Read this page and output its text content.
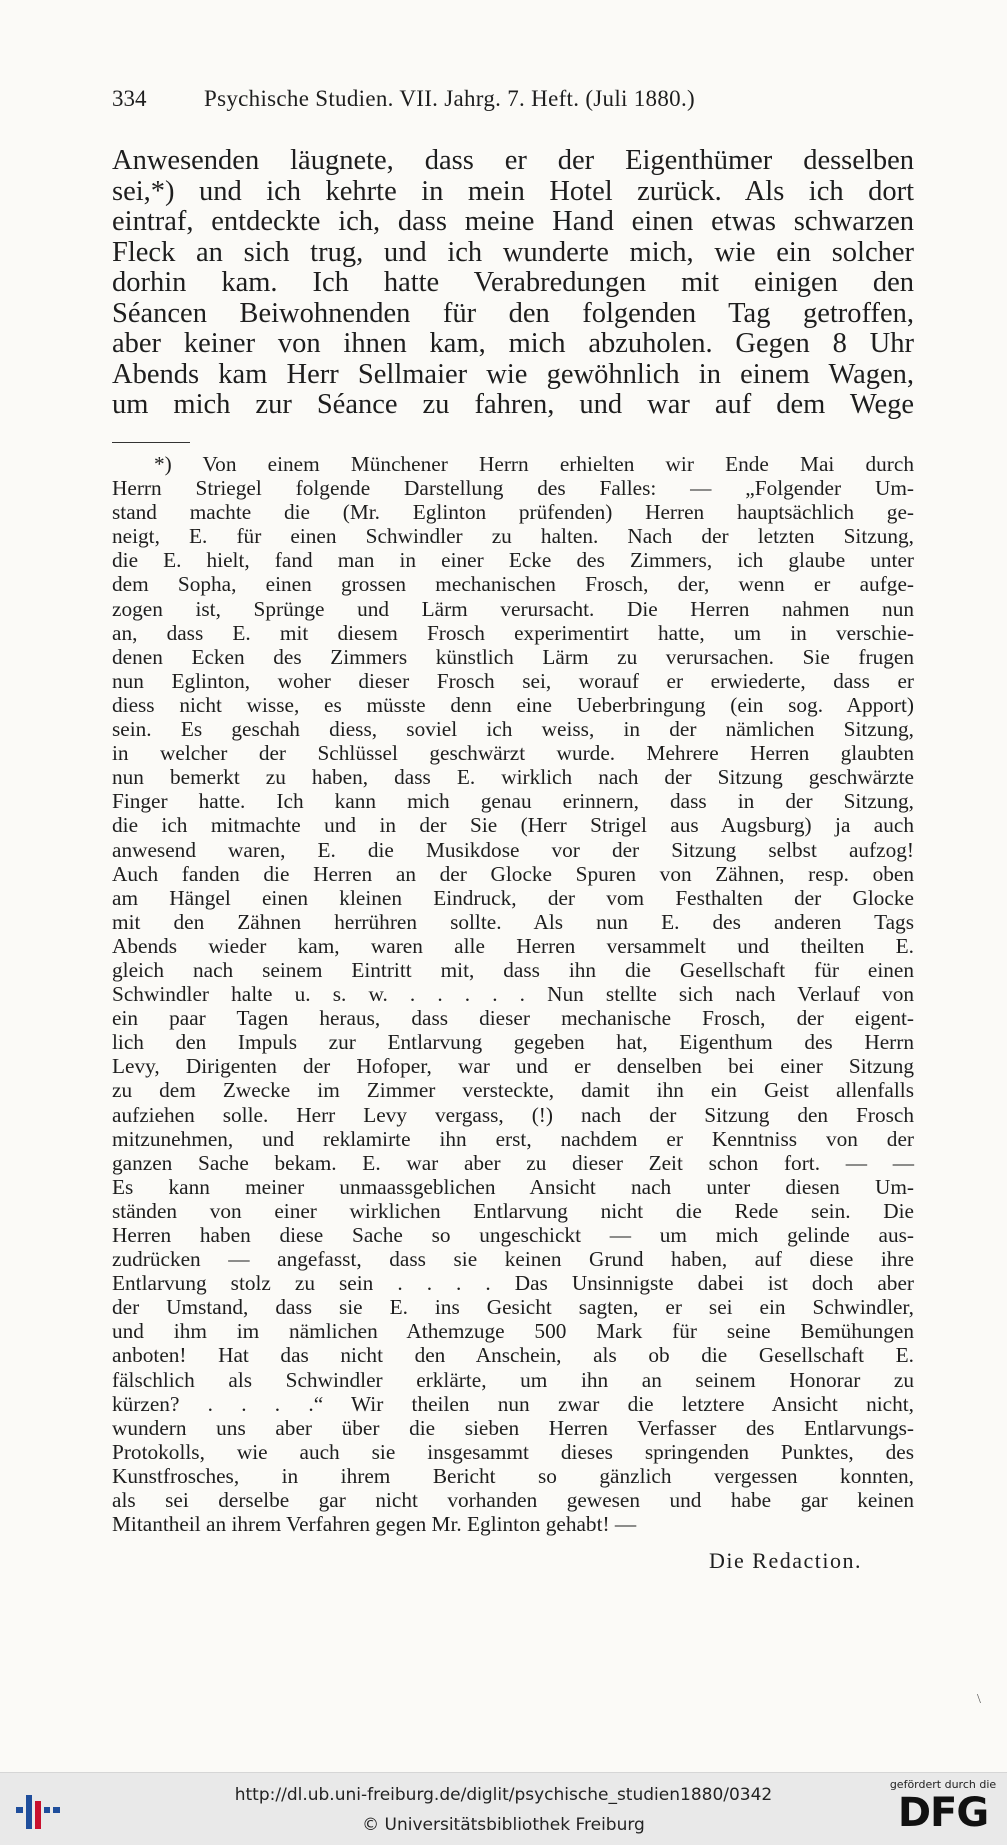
334	Psychische Studien. VII. Jahrg. 7. Heft. (Juli 1880.)
Anwesenden läugnete, dass er der Eigenthümer desselben
sei,*) und ich kehrte in mein Hotel zurück. Als ich dort
eintraf, entdeckte ich, dass meine Hand einen etwas schwarzen
Fleck an sich trug, und ich wunderte mich, wie ein solcher
dorhin kam. Ich hatte Verabredungen mit einigen den
Séancen Beiwohnenden für den folgenden Tag getroffen,
aber keiner von ihnen kam, mich abzuholen. Gegen 8 Uhr
Abends kam Herr Sellmaier wie gewöhnlich in einem Wagen,
um mich zur Séance zu fahren, und war auf dem Wege
*) Von einem Münchener Herrn erhielten wir Ende Mai durch
Herrn Striegel folgende Darstellung des Falles: — „Folgender Um-
stand machte die (Mr. Eglinton prüfenden) Herren hauptsächlich ge-
neigt, E. für einen Schwindler zu halten. Nach der letzten Sitzung,
die E. hielt, fand man in einer Ecke des Zimmers, ich glaube unter
dem Sopha, einen grossen mechanischen Frosch, der, wenn er aufge-
zogen ist, Sprünge und Lärm verursacht. Die Herren nahmen nun
an, dass E. mit diesem Frosch experimentirt hatte, um in verschie-
denen Ecken des Zimmers künstlich Lärm zu verursachen. Sie frugen
nun Eglinton, woher dieser Frosch sei, worauf er erwiederte, dass er
diess nicht wisse, es müsste denn eine Ueberbringung (ein sog. Apport)
sein. Es geschah diess, soviel ich weiss, in der nämlichen Sitzung,
in welcher der Schlüssel geschwärzt wurde. Mehrere Herren glaubten
nun bemerkt zu haben, dass E. wirklich nach der Sitzung geschwärzte
Finger hatte. Ich kann mich genau erinnern, dass in der Sitzung,
die ich mitmachte und in der Sie (Herr Strigel aus Augsburg) ja auch
anwesend waren, E. die Musikdose vor der Sitzung selbst aufzog!
Auch fanden die Herren an der Glocke Spuren von Zähnen, resp. oben
am Hängel einen kleinen Eindruck, der vom Festhalten der Glocke
mit den Zähnen herrühren sollte. Als nun E. des anderen Tags
Abends wieder kam, waren alle Herren versammelt und theilten E.
gleich nach seinem Eintritt mit, dass ihn die Gesellschaft für einen
Schwindler halte u. s. w. . . . . . Nun stellte sich nach Verlauf von
ein paar Tagen heraus, dass dieser mechanische Frosch, der eigent-
lich den Impuls zur Entlarvung gegeben hat, Eigenthum des Herrn
Levy, Dirigenten der Hofoper, war und er denselben bei einer Sitzung
zu dem Zwecke im Zimmer versteckte, damit ihn ein Geist allenfalls
aufziehen solle. Herr Levy vergass, (!) nach der Sitzung den Frosch
mitzunehmen, und reklamirte ihn erst, nachdem er Kenntniss von der
ganzen Sache bekam. E. war aber zu dieser Zeit schon fort. — —
Es kann meiner unmaassgeblichen Ansicht nach unter diesen Um-
ständen von einer wirklichen Entlarvung nicht die Rede sein. Die
Herren haben diese Sache so ungeschickt — um mich gelinde aus-
zudrücken — angefasst, dass sie keinen Grund haben, auf diese ihre
Entlarvung stolz zu sein . . . . Das Unsinnigste dabei ist doch aber
der Umstand, dass sie E. ins Gesicht sagten, er sei ein Schwindler,
und ihm im nämlichen Athemzuge 500 Mark für seine Bemühungen
anboten! Hat das nicht den Anschein, als ob die Gesellschaft E.
fälschlich als Schwindler erklärte, um ihn an seinem Honorar zu
kürzen? . . . .“ Wir theilen nun zwar die letztere Ansicht nicht,
wundern uns aber über die sieben Herren Verfasser des Entlarvungs-
Protokolls, wie auch sie insgesammt dieses springenden Punktes, des
Kunstfrosches, in ihrem Bericht so gänzlich vergessen konnten,
als sei derselbe gar nicht vorhanden gewesen und habe gar keinen
Mitantheil an ihrem Verfahren gegen Mr. Eglinton gehabt! —
Die Redaction.
\
http://dl.ub.uni-freiburg.de/diglit/psychische_studien1880/0342
© Universitätsbibliothek Freiburg
gefördert durch die
DFG
